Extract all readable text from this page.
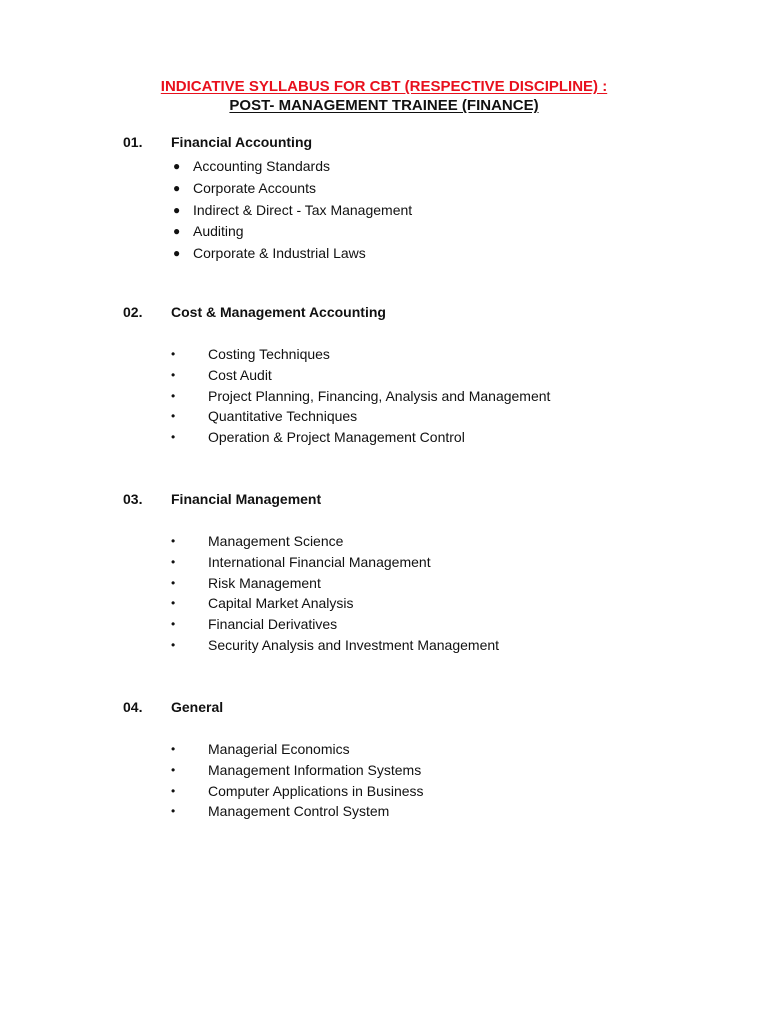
INDICATIVE SYLLABUS FOR CBT (RESPECTIVE DISCIPLINE) :
POST- MANAGEMENT TRAINEE (FINANCE)
01. Financial Accounting
● Accounting Standards
● Corporate Accounts
● Indirect & Direct - Tax Management
● Auditing
● Corporate & Industrial Laws
02. Cost & Management Accounting
• Costing Techniques
• Cost Audit
• Project Planning, Financing, Analysis and Management
• Quantitative Techniques
• Operation & Project Management Control
03. Financial Management
• Management Science
• International Financial Management
• Risk Management
• Capital Market Analysis
• Financial Derivatives
• Security Analysis and Investment Management
04. General
• Managerial Economics
• Management Information Systems
• Computer Applications in Business
• Management Control System
